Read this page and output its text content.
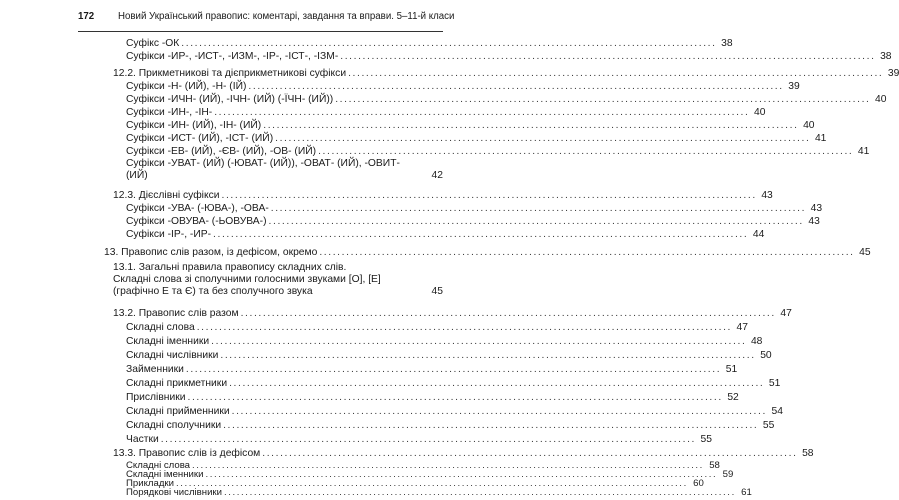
172 Новий Український правопис: коментарі, завдання та вправи. 5–11-й класи
Суфікс -ОК ........................................................................................................................ 38
Суфікси -ИР-, -ИСТ-, -ИЗМ-, -ІР-, -ІСТ-, -ІЗМ- ........................................................................................................................ 38
12.2. Прикметникові та дієприкметникові суфікси ........................................................................................................................ 39
Суфікси -Н- (ИЙ), -Н- (ІЙ) ........................................................................................................................ 39
Суфікси -ИЧН- (ИЙ), -ІЧН- (ИЙ) (-ЇЧН- (ИЙ)) ........................................................................................................................ 40
Суфікси -ИН-, -ІН- ........................................................................................................................ 40
Суфікси -ИН- (ИЙ), -ІН- (ИЙ) ........................................................................................................................ 40
Суфікси -ИСТ- (ИЙ), -ІСТ- (ИЙ) ........................................................................................................................ 41
Суфікси -ЕВ- (ИЙ), -ЄВ- (ИЙ), -ОВ- (ИЙ) ........................................................................................................................ 41
Суфікси -УВАТ- (ИЙ) (-ЮВАТ- (ИЙ)), -ОВАТ- (ИЙ), -ОВИТ- (ИЙ)	42
12.3. Дієслівні суфікси ........................................................................................................................ 43
Суфікси -УВА- (-ЮВА-), -ОВА- ........................................................................................................................ 43
Суфікси -ОВУВА- (-ЬОВУВА-) ........................................................................................................................ 43
Суфікси -ІР-, -ИР- ........................................................................................................................ 44
13. Правопис слів разом, із дефісом, окремо ........................................................................................................................ 45
13.1. Загальні правила правопису складних слів.
Складні слова зі сполучними голосними звуками [О], [Е] (графічно Е та Є) та без сполучного звука	45
13.2. Правопис слів разом ........................................................................................................................ 47
Складні слова ........................................................................................................................ 47
Складні іменники ........................................................................................................................ 48
Складні числівники ........................................................................................................................ 50
Займенники ........................................................................................................................ 51
Складні прикметники ........................................................................................................................ 51
Прислівники ........................................................................................................................ 52
Складні прийменники ........................................................................................................................ 54
Складні сполучники ........................................................................................................................ 55
Частки ........................................................................................................................ 55
13.3. Правопис слів із дефісом ........................................................................................................................ 58
Складні слова ........................................................................................................................ 58
Складні іменники ........................................................................................................................ 59
Прикладки ........................................................................................................................ 60
Порядкові числівники ........................................................................................................................ 61
